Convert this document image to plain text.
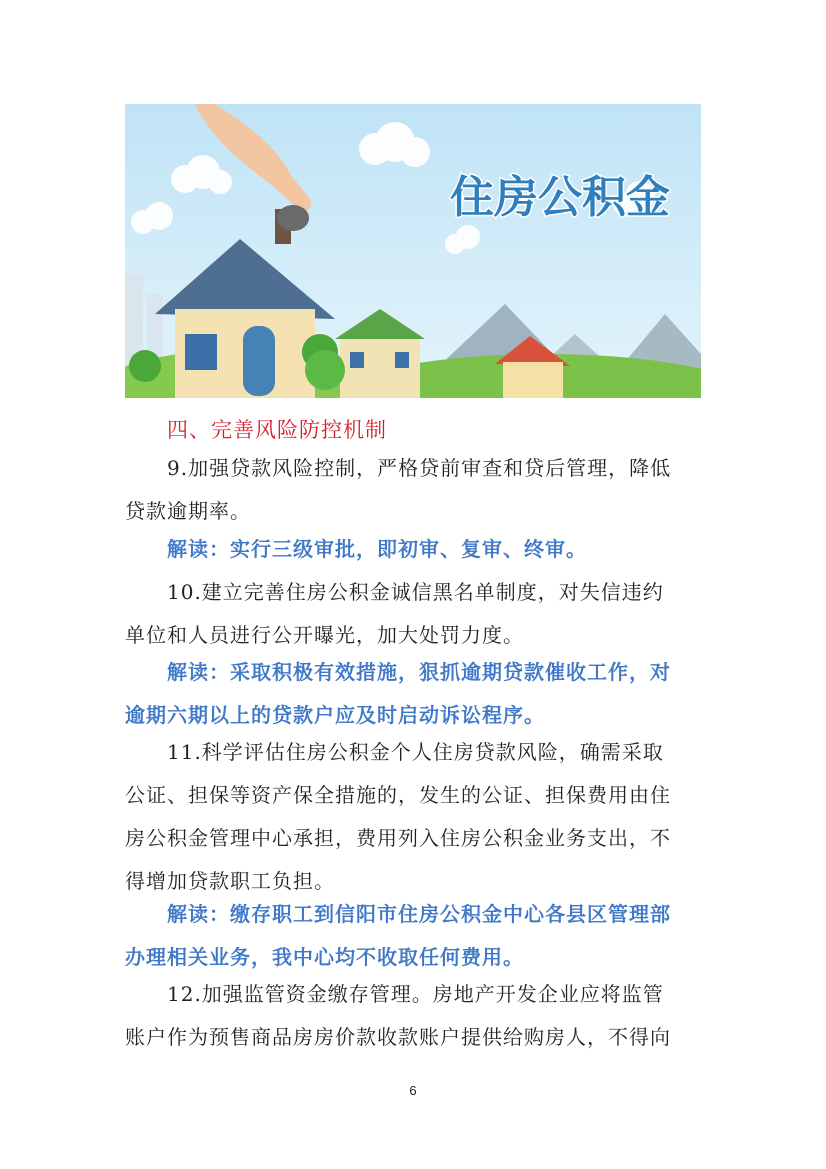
住房公积金
四、完善风险防控机制

9.加强贷款风险控制，严格贷前审查和贷后管理，降低
贷款逾期率。

解读：实行三级审批，即初审、复审、终审。

10.建立完善住房公积金诚信黑名单制度，对失信违约
单位和人员进行公开曝光，加大处罚力度。

解读：采取积极有效措施，狠抓逾期贷款催收工作，对
逾期六期以上的贷款户应及时启动诉讼程序。

11.科学评估住房公积金个人住房贷款风险，确需采取
公证、担保等资产保全措施的，发生的公证、担保费用由住
房公积金管理中心承担，费用列入住房公积金业务支出，不
得增加贷款职工负担。

解读：缴存职工到信阳市住房公积金中心各县区管理部
办理相关业务，我中心均不收取任何费用。

12.加强监管资金缴存管理。房地产开发企业应将监管
账户作为预售商品房房价款收款账户提供给购房人，不得向

6
